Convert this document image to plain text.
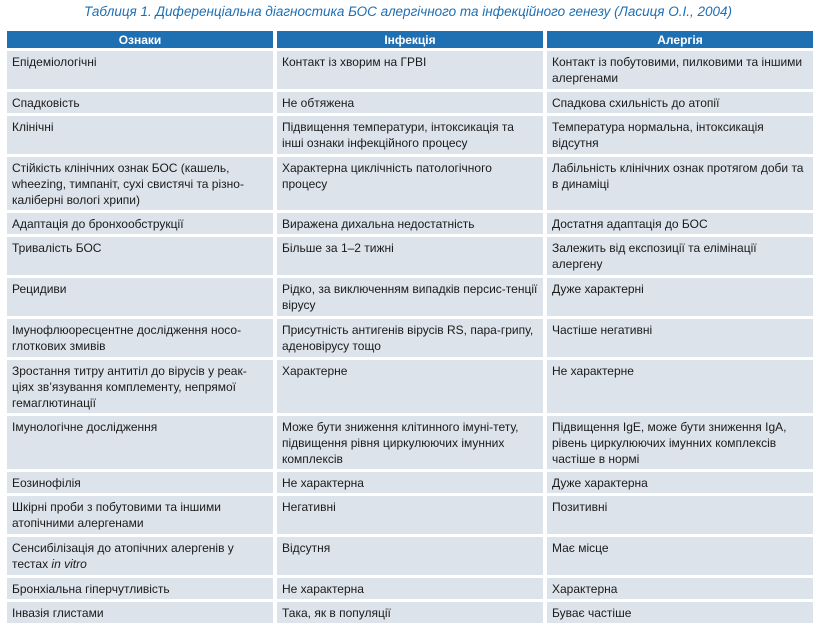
Таблиця 1. Диференціальна діагностика БОС алергічного та інфекційного генезу (Ласиця О.І., 2004)
Ознаки	Інфекція	Алергія
Епідеміологічні	Контакт із хворим на ГРВІ	Контакт із побутовими, пилковими та іншими алергенами
Спадковість	Не обтяжена	Спадкова схильність до атопії
Клінічні	Підвищення температури, інтоксикація та інші ознаки інфекційного процесу	Температура нормальна, інтоксикація відсутня
Стійкість клінічних ознак БОС (кашель, wheezing, тимпаніт, сухі свистячі та різно-каліберні вологі хрипи)	Характерна циклічність патологічного процесу	Лабільність клінічних ознак протягом доби та в динаміці
Адаптація до бронхообструкції	Виражена дихальна недостатність	Достатня адаптація до БОС
Тривалість БОС	Більше за 1–2 тижні	Залежить від експозиції та елімінації алергену
Рецидиви	Рідко, за виключенням випадків персис-тенції вірусу	Дуже характерні
Імунофлюоресцентне дослідження носо-глоткових змивів	Присутність антигенів вірусів RS, пара-грипу, аденовірусу тощо	Частіше негативні
Зростання титру антитіл до вірусів у реак-ціях зв’язування комплементу, непрямої гемаглютинації	Характерне	Не характерне
Імунологічне дослідження	Може бути зниження клітинного імуні-тету, підвищення рівня циркулюючих імунних комплексів	Підвищення IgE, може бути зниження IgA, рівень циркулюючих імунних комплексів частіше в нормі
Еозинофілія	Не характерна	Дуже характерна
Шкірні проби з побутовими та іншими атопічними алергенами	Негативні	Позитивні
Сенсибілізація до атопічних алергенів у тестах in vitro	Відсутня	Має місце
Бронхіальна гіперчутливість	Не характерна	Характерна
Інвазія глистами	Така, як в популяції	Буває частіше
